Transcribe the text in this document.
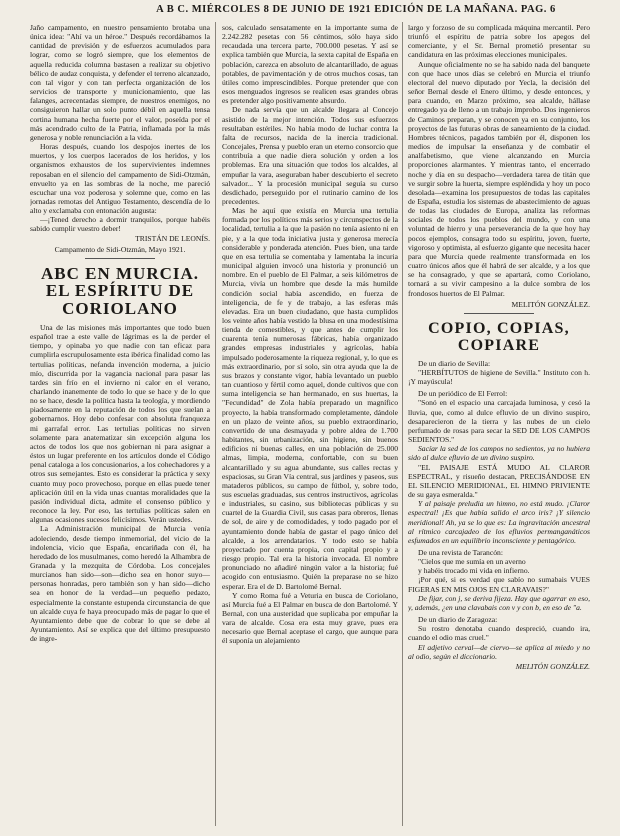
A B C. MIÉRCOLES 8 DE JUNIO DE 1921 EDICIÓN DE LA MAÑANA. PAG. 6

Jaño campamento, en nuestro pensamiento brotaba una única idea: "Ahí va un héroe." Después recordábamos la cantidad de previsión y de esfuerzos acumulados para lograr, como se logró siempre, que los elementos de aquella reducida columna bastasen a realizar su objetivo bélico de audaz conquista, y defender el terreno alcanzado, con tal vigor y con tan perfecta organización de los servicios de transporte y municionamiento, que las falanges, acrecentadas siempre, de nuestros enemigos, no consiguieron hallar un solo punto débil en aquella tensa cortina humana hecha fuerte por el valor, poseída por el más acendrado culto de la Patria, inflamada por la más generosa y noble renunciación a la vida.

Horas después, cuando los despojos inertes de los muertos, y los cuerpos lacerados de los heridos, y los organismos exhaustos de los supervivientes indemnes reposaban en el silencio del campamento de Sidi-Otzmán, envuelto ya en las sombras de la noche, me pareció escuchar una voz poderosa y solemne que, como en las jornadas remotas del Antiguo Testamento, descendía de lo alto y exclamaba con entonación augusta:

—¡Tened derecho a dormir tranquilos, porque habéis sabido cumplir vuestro deber!

TRISTÁN DE LEONÍS.
Campamento de Sidi-Otzmán, Mayo 1921.
ABC EN MURCIA.
EL ESPÍRITU DE CORIOLANO

Una de las misiones más importantes que todo buen español trae a este valle de lágrimas es la de perder el tiempo, y opinaba yo que nadie con tan eficaz para cumplirla escrupulosamente esta ibérica finalidad como las tertulias políticas, nefanda invención moderna, a juicio mío, discurrida por la vagancia nacional para pasar las tardes sin frío en el invierno ni calor en el verano, charlando inanemente de todo lo que se hace y de lo que no se hace, desde la política hasta la teología, y mordiendo piadosamente en la reputación de todos los que suelan a gobernarnos. Hoy debo confesar con absoluta franqueza mi garrafal error. Las tertulias políticas no sirven solamente para anatematizar sin excepción alguna los actos de todos los que nos gobiernan ni para asignar a éstos un lugar preferente en los artículos donde el Código penal cataloga a los concusionarios, a los cohechadores y a otros sus semejantes. Esto es considerar la práctica y sexy cuanto muy poco provechoso, porque en ellas puede tener aplicación útil en la vida unas cuantas moralidades que la pasión individual dicta, admite el consenso público y reconoce la ley. Por eso, las tertulias políticas salen en algunas ocasiones sucesos felicísimos. Verán ustedes.

La Administración municipal de Murcia venía adoleciendo, desde tiempo inmemorial, del vicio de la indolencia, vicio que España, encariñada con él, ha heredado de los musulmanes, como heredó la Alhambra de Granada y la mezquita de Córdoba. Los concejales murcianos han sido—son—dicho sea en honor suyo—personas honradas, pero también son y han sido—dicho sea en honor de la verdad—un pequeño pedazo, especialmente la constante estupenda circunstancia de que un alcalde cuya fe haya preocupado más de pagar lo que el Ayuntamiento debe que de cobrar lo que se debe al Ayuntamiento. Así se explica que del último presupuesto de ingre-

sos, calculado sensatamente en la importante suma de 2.242.282 pesetas con 56 céntimos, sólo haya sido recaudada una tercera parte, 700.000 pesetas. Y así se explica también que Murcia, la sexta capital de España en población, carezca en absoluto de alcantarillado, de aguas potables, de pavimentación y de otros muchos cosas, tan útiles como imprescindibles. Porque pretender que con esos menguados ingresos se realicen esas grandes obras es pretender algo positivamente absurdo.

De nada servía que un alcalde llegara al Concejo asistido de la mejor intención. Todos sus esfuerzos resultaban estériles. No había modo de luchar contra la falta de recursos, nacida de la inercia tradicional. Concejales, Prensa y pueblo eran un eterno consorcio que contribuía a que nadie diera solución y orden a los problemas. Era una situación que todos los alcaldes, al empuñar la vara, aseguraban haber descubierto el secreto salvador... Y la procesión municipal seguía su curso desdichado, perseguido por el rutinario camino de los precedentes.

Mas he aquí que existía en Murcia una tertulia formada por los políticos más serios y circunspectos de la localidad, tertulia a la que la pasión no tenía asiento ni en pie, y a la que toda iniciativa justa y generosa merecía considerable y ponderada atención. Pues bien, una tarde que en esa tertulia se comentaba y lamentaba la incuria municipal alguien invocó una historia y pronunció un nombre. En el pueblo de El Palmar, a seis kilómetros de Murcia, vivía un hombre que desde la más humilde condición social había ascendido, en fuerza de inteligencia, de fe y de trabajo, a las esferas más elevadas. Era un buen ciudadano, que hasta cumplidos los veinte años había vestido la blusa en una modestísima tienda de comestibles, y que antes de cumplir los cuarenta tenía numerosas fábricas, había organizado grandes empresas industriales y agrícolas, había impulsado poderosamente la riqueza regional, y, lo que es más extraordinario, por sí solo, sin otra ayuda que la de sus brazos y constante vigor, había levantado un pueblo tan cuantioso y fértil como aquel, donde cultivos que con suma inteligencia se han hermanado, en sus huertas, la "Fecundidad" de Zola había preparado un magnífico proyecto, la había transformado completamente, dándole en un plazo de veinte años, su pueblo extraordinario, convertido de una desmayada y pobre aldea de 1.700 habitantes, sin urbanización, sin higiene, sin buenos edificios ni buenas calles, en una población de 25.000 almas, limpia, moderna, confortable, con su buen alcantarillado y su agua abundante, sus calles rectas y espaciosas, su Gran Vía central, sus jardines y paseos, sus mataderos públicos, su campo de fútbol, y, sobre todo, sus escuelas graduadas, sus centros instructivos, agrícolas e industriales, su casino, sus bibliotecas públicas y su cuartel de la Guardia Civil, sus casas para obreros, llenas de sol, de aire y de comodidades, y todo pagado por el ayuntamiento donde había de gastar el pago único del alcalde, a los arrendatarios. Y todo esto se había proyectado por cuenta propia, con capital propio y a riesgo propio. Tal era la historia invocada. El nombre pronunciado no añadiré ningún valor a la historia; fué acogido con entusiasmo. Quién la preparase no se hizo esperar. Era el de D. Bartolomé Bernal.

Y como Roma fué a Veturia en busca de Coriolano, así Murcia fué a El Palmar en busca de don Bartolomé. Y Bernal, con una austeridad que suplicaba por empuñar la vara de alcalde. Cosa era esta muy grave, pues era necesario que Bernal aceptase el cargo, que aunque para él suponía un alejamiento

largo y forzoso de su complicada máquina mercantil. Pero triunfó el espíritu de patria sobre los apegos del comerciante, y el Sr. Bernal prometió presentar su candidatura en las próximas elecciones municipales.

Aunque oficialmente no se ha sabido nada del banquete con que hace unos días se celebró en Murcia el triunfo electoral del nuevo diputado por Yecla, la decisión del señor Bernal desde el Enero último, y desde entonces, y para cuando, en Marzo próximo, sea alcalde, hállase entregado ya de lleno a un trabajo ímprobo. Dos ingenieros de Caminos preparan, y se conocen ya en su conjunto, los proyectos de las futuras obras de saneamiento de la ciudad. Hombres técnicos, pagados también por él, disponen los medios de impulsar la enseñanza y de combatir el analfabetismo, que viene alcanzando en Murcia proporciones alarmantes. Y mientras tanto, el encerrado noche y día en su despacho—verdadera tarea de titán que ve surgir sobre la huerta, siempre espléndida y hoy un poco desolada—examina los presupuestos de todas las capitales de España, estudia los sistemas de abastecimiento de aguas de todas las ciudades de Europa, analiza las reformas sociales de todos los pueblos del mundo, y con una voluntad de hierro y una perseverancia de la que hoy hay pocos ejemplos, consagra todo su espíritu, joven, fuerte, vigoroso y optimista, al esfuerzo gigante que necesita hacer para que Murcia quede realmente transformada en los cuatro únicos años que él habrá de ser alcalde, y a los que se ha consagrado, y que se apartará, como Coriolano, tornará a su vivir campesino a la dulce sombra de los frondosos huertos de El Palmar.

MELITÓN GONZÁLEZ.
COPIO, COPIAS,
COPIARE
De un diario de Sevilla:

"HERBÍTUTOS de higiene de Sevilla." Instituto con h. ¡Y mayúscula!

De un periódico de El Ferrol:

"Sonó en el espacio una carcajada luminosa, y cesó la lluvia, que, como al dulce efluvio de un divino suspiro, desaparecieron de la tierra y las nubes de un cielo perfumado de rosas para secar la SED DE LOS CAMPOS SEDIENTOS."

Sacíar la sed de los campos no sedientos, ya no hubiera sido al dulce efluvio de un divino suspiro.

"EL PAISAJE ESTÁ MUDO AL CLAROR ESPECTRAL, y risueño destacan, PRECISÁNDOSE EN EL SILENCIO MERIDIONAL, EL HIMNO PRIVIENTE de su gaya esmeralda."

Y al paisaje preludia un himno, no está mudo. ¡Claror espectral! ¡Es que había salido el arco iris? ¡Y silencio meridional! Ah, ya se lo que es: La ingravitación ancestral al rítmico carcajadeo de los efluvios permanganáticos esfumados en un equilibrio inconsciente y pentagórico.

De una revista de Tarancón:
"Cielos que me sumía en un averno
y habéis trocado mi vida en infierno.

¡Por qué, si es verdad que sabío no sumabais VUES FIGERAS EN MIS OJOS EN CLARAVAIS?"

De fijar, con j, se deriva fijeza. Hay que agarrar en eso, y, además, ¿en una clavabais con v y con b, en eso de "a.

De un diario de Zaragoza:

Su rostro denotaba cuando despreció, cuando ira, cuando el odio mas cruel."

El adjetivo cerval—de ciervo—se aplica al miedo y no al odio, según el diccionario.

MELITÓN GONZÁLEZ.
